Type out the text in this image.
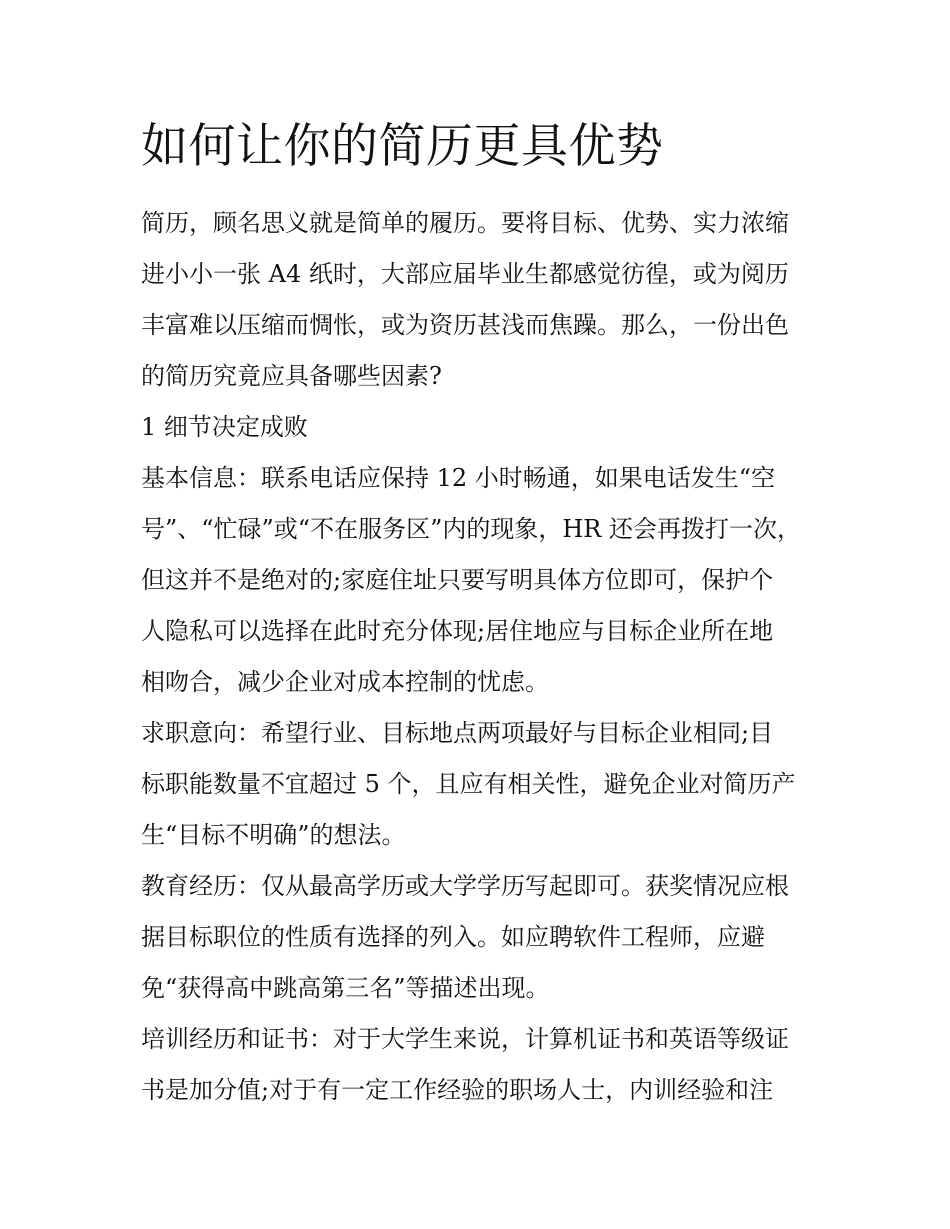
如何让你的简历更具优势
简历，顾名思义就是简单的履历。要将目标、优势、实力浓缩
进小小一张 A4 纸时，大部应届毕业生都感觉彷徨，或为阅历
丰富难以压缩而惆怅，或为资历甚浅而焦躁。那么，一份出色
的简历究竟应具备哪些因素?
1 细节决定成败
基本信息：联系电话应保持 12 小时畅通，如果电话发生“空
号”、“忙碌”或“不在服务区”内的现象，HR 还会再拨打一次，
但这并不是绝对的;家庭住址只要写明具体方位即可，保护个
人隐私可以选择在此时充分体现;居住地应与目标企业所在地
相吻合，减少企业对成本控制的忧虑。
求职意向：希望行业、目标地点两项最好与目标企业相同;目
标职能数量不宜超过 5 个，且应有相关性，避免企业对简历产
生“目标不明确”的想法。
教育经历：仅从最高学历或大学学历写起即可。获奖情况应根
据目标职位的性质有选择的列入。如应聘软件工程师，应避
免“获得高中跳高第三名”等描述出现。
培训经历和证书：对于大学生来说，计算机证书和英语等级证
书是加分值;对于有一定工作经验的职场人士，内训经验和注
